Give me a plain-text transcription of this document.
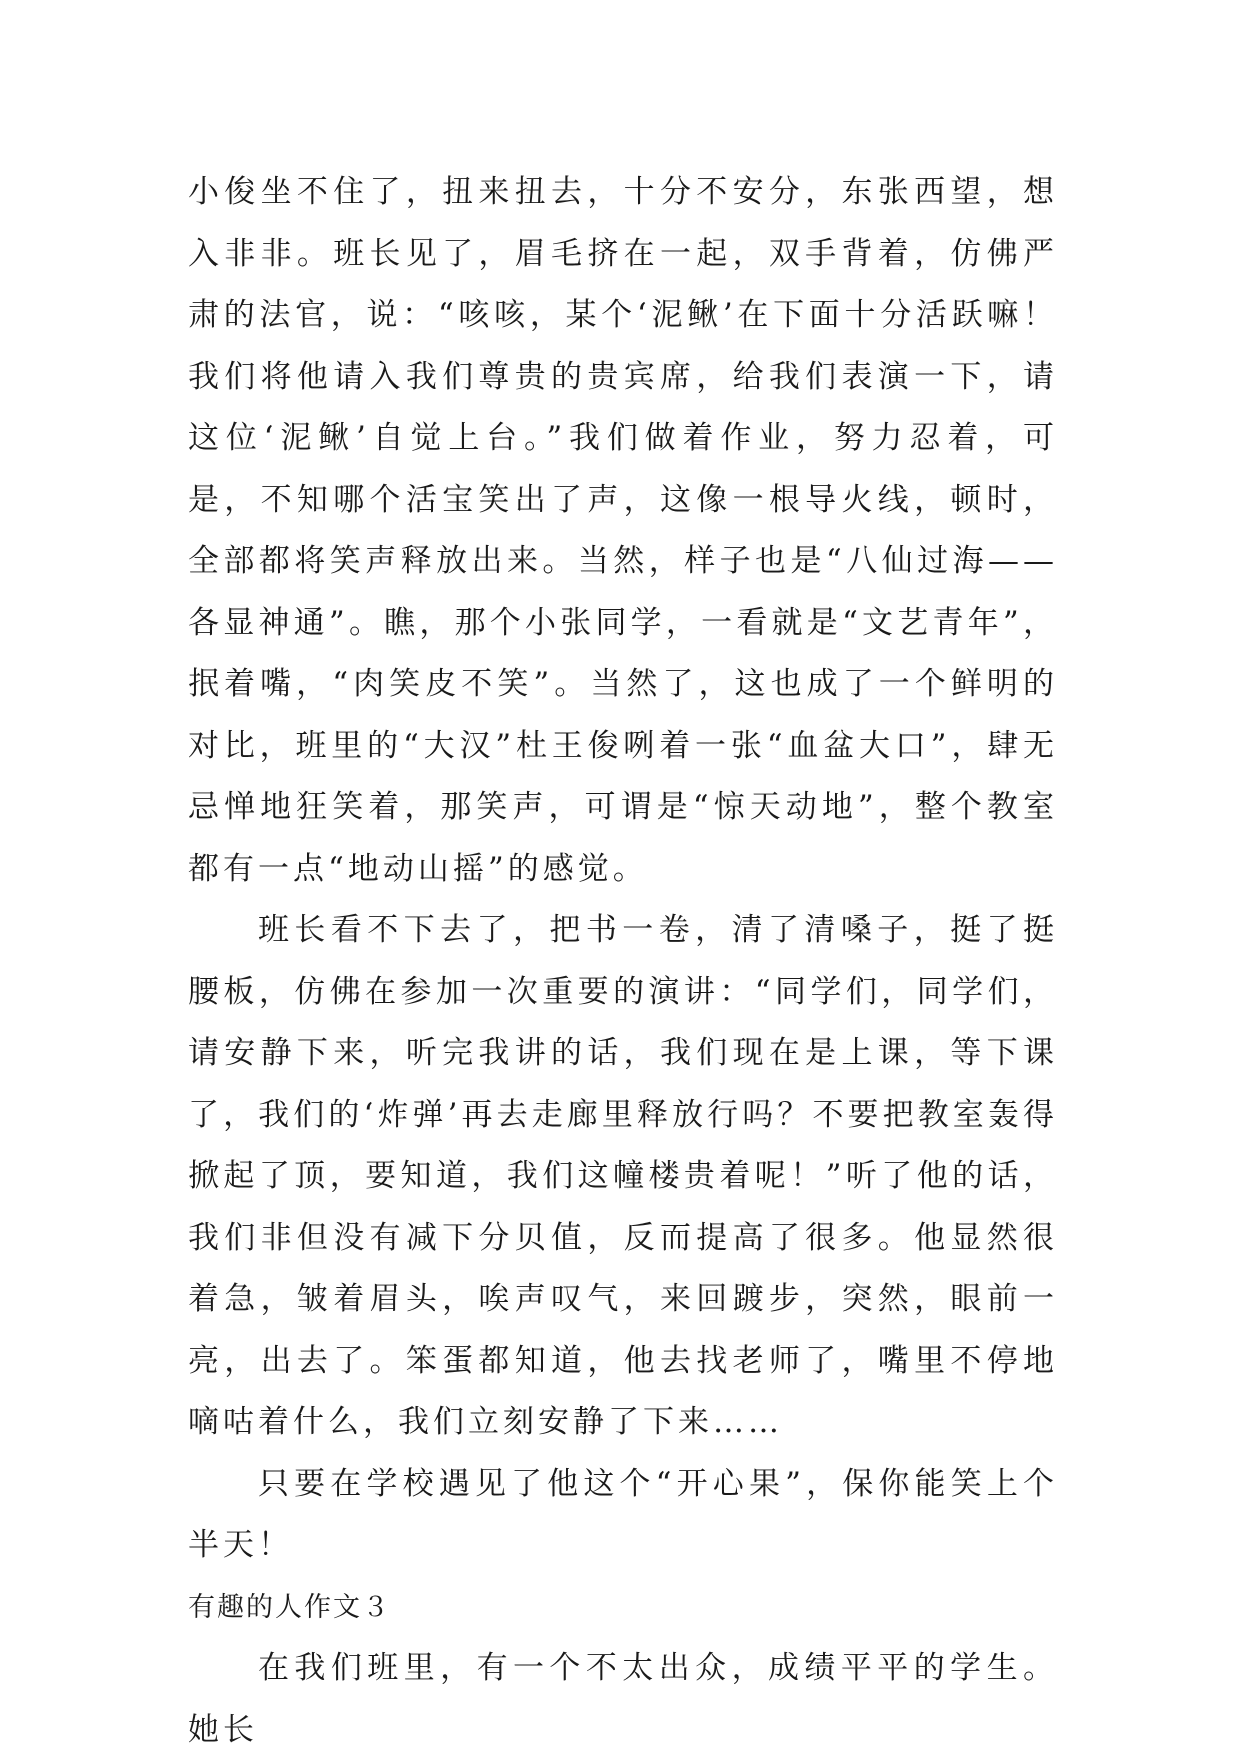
小俊坐不住了，扭来扭去，十分不安分，东张西望，想入非非。班长见了，眉毛挤在一起，双手背着，仿佛严肃的法官，说：“咳咳，某个‘泥鳅’在下面十分活跃嘛！我们将他请入我们尊贵的贵宾席，给我们表演一下，请这位‘泥鳅’自觉上台。”我们做着作业，努力忍着，可是，不知哪个活宝笑出了声，这像一根导火线，顿时，全部都将笑声释放出来。当然，样子也是“八仙过海——各显神通”。瞧，那个小张同学，一看就是“文艺青年”，抿着嘴，“肉笑皮不笑”。当然了，这也成了一个鲜明的对比，班里的“大汉”杜王俊咧着一张“血盆大口”，肆无忌惮地狂笑着，那笑声，可谓是“惊天动地”，整个教室都有一点“地动山摇”的感觉。

班长看不下去了，把书一卷，清了清嗓子，挺了挺腰板，仿佛在参加一次重要的演讲：“同学们，同学们，请安静下来，听完我讲的话，我们现在是上课，等下课了，我们的‘炸弹’再去走廊里释放行吗？不要把教室轰得掀起了顶，要知道，我们这幢楼贵着呢！”听了他的话，我们非但没有减下分贝值，反而提高了很多。他显然很着急，皱着眉头，唉声叹气，来回踱步，突然，眼前一亮，出去了。笨蛋都知道，他去找老师了，嘴里不停地嘀咕着什么，我们立刻安静了下来……

只要在学校遇见了他这个“开心果”，保你能笑上个半天！

有趣的人作文３

在我们班里，有一个不太出众，成绩平平的学生。她长
